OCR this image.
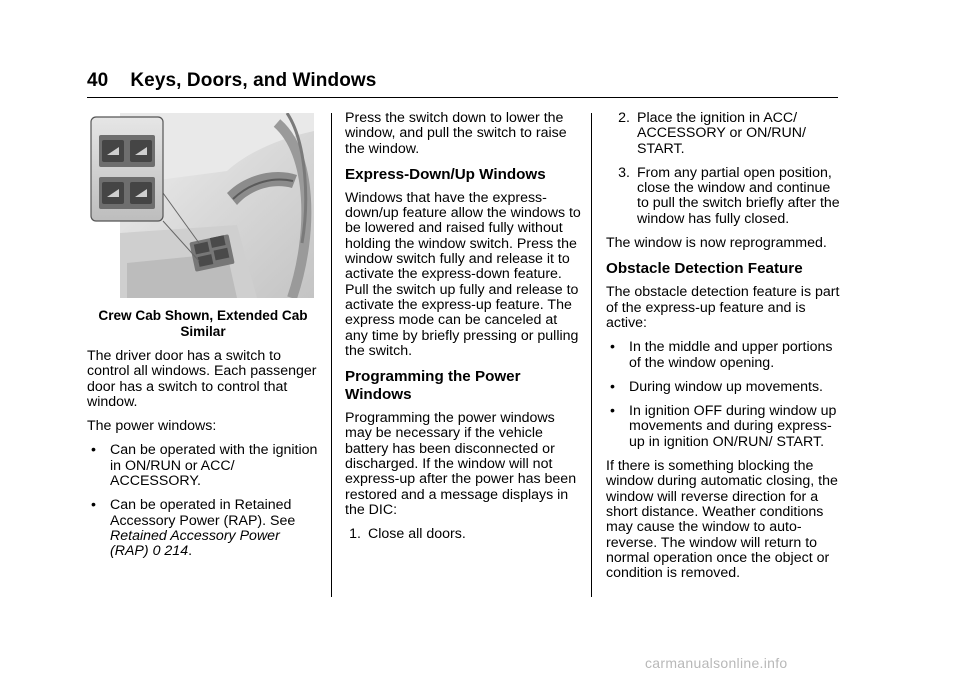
40 Keys, Doors, and Windows
Crew Cab Shown, Extended Cab Similar

The driver door has a switch to control all windows. Each passenger door has a switch to control that window.

The power windows:

• Can be operated with the ignition in ON/RUN or ACC/ ACCESSORY.
• Can be operated in Retained Accessory Power (RAP). See Retained Accessory Power (RAP) 0 214.

Press the switch down to lower the window, and pull the switch to raise the window.

Express-Down/Up Windows

Windows that have the express-down/up feature allow the windows to be lowered and raised fully without holding the window switch. Press the window switch fully and release it to activate the express-down feature. Pull the switch up fully and release to activate the express-up feature. The express mode can be canceled at any time by briefly pressing or pulling the switch.

Programming the Power Windows

Programming the power windows may be necessary if the vehicle battery has been disconnected or discharged. If the window will not express-up after the power has been restored and a message displays in the DIC:

1. Close all doors.
2. Place the ignition in ACC/ ACCESSORY or ON/RUN/ START.
3. From any partial open position, close the window and continue to pull the switch briefly after the window has fully closed.

The window is now reprogrammed.

Obstacle Detection Feature

The obstacle detection feature is part of the express-up feature and is active:

• In the middle and upper portions of the window opening.
• During window up movements.
• In ignition OFF during window up movements and during express-up in ignition ON/RUN/ START.

If there is something blocking the window during automatic closing, the window will reverse direction for a short distance. Weather conditions may cause the window to auto-reverse. The window will return to normal operation once the object or condition is removed.

carmanualsonline.info
